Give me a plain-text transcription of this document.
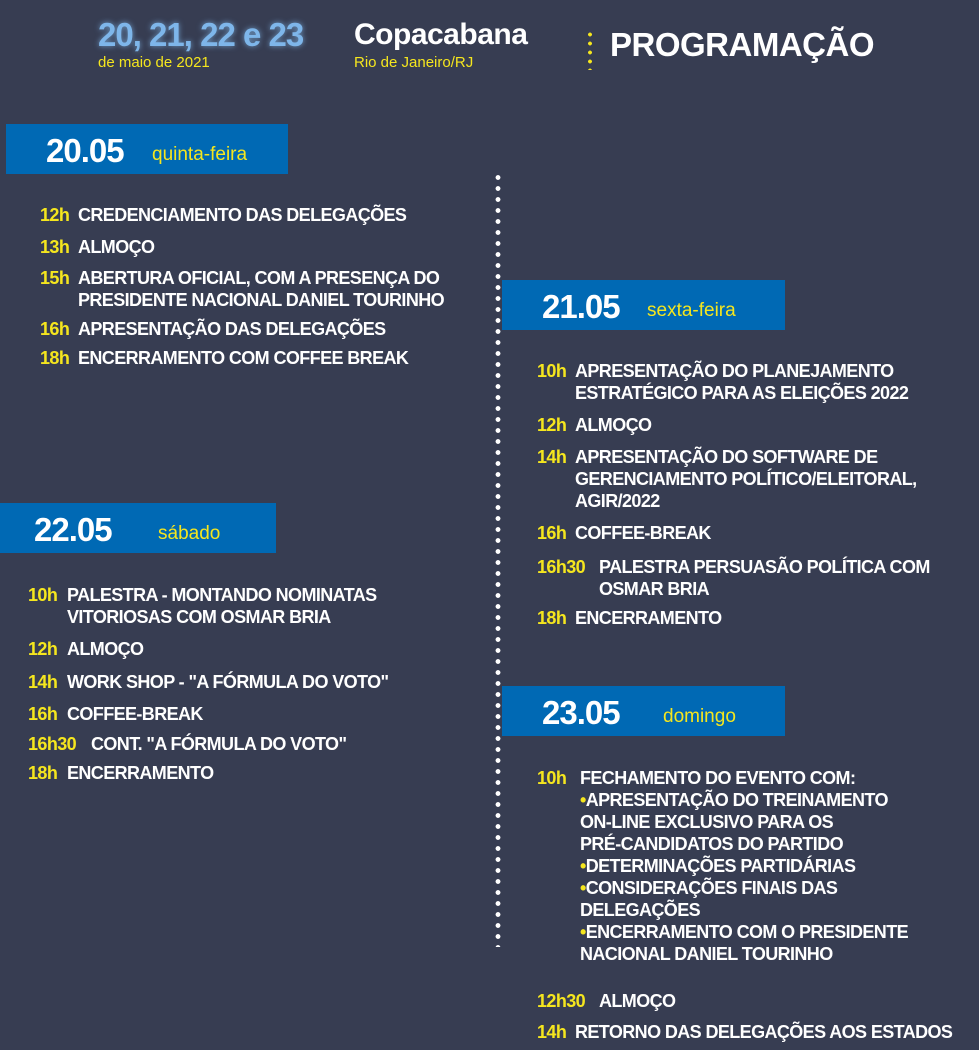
20, 21, 22 e 23
de maio de 2021
Copacabana
Rio de Janeiro/RJ	PROGRAMAÇÃO
20.05 quinta-feira
12h CREDENCIAMENTO DAS DELEGAÇÕES
13h ALMOÇO
15h ABERTURA OFICIAL, COM A PRESENÇA DO
PRESIDENTE NACIONAL DANIEL TOURINHO
16h APRESENTAÇÃO DAS DELEGAÇÕES
18h ENCERRAMENTO COM COFFEE BREAK
22.05 sábado
10h PALESTRA - MONTANDO NOMINATAS
VITORIOSAS COM OSMAR BRIA
12h ALMOÇO
14h WORK SHOP - "A FÓRMULA DO VOTO"
16h COFFEE-BREAK
16h30 CONT. "A FÓRMULA DO VOTO"
18h ENCERRAMENTO
21.05 sexta-feira
10h APRESENTAÇÃO DO PLANEJAMENTO
ESTRATÉGICO PARA AS ELEIÇÕES 2022
12h ALMOÇO
14h APRESENTAÇÃO DO SOFTWARE DE
GERENCIAMENTO POLÍTICO/ELEITORAL,
AGIR/2022
16h COFFEE-BREAK
16h30 PALESTRA PERSUASÃO POLÍTICA COM
OSMAR BRIA
18h ENCERRAMENTO
23.05 domingo
10h FECHAMENTO DO EVENTO COM:
•APRESENTAÇÃO DO TREINAMENTO
ON-LINE EXCLUSIVO PARA OS
PRÉ-CANDIDATOS DO PARTIDO
•DETERMINAÇÕES PARTIDÁRIAS
•CONSIDERAÇÕES FINAIS DAS
DELEGAÇÕES
•ENCERRAMENTO COM O PRESIDENTE
NACIONAL DANIEL TOURINHO
12h30 ALMOÇO
14h RETORNO DAS DELEGAÇÕES AOS ESTADOS
